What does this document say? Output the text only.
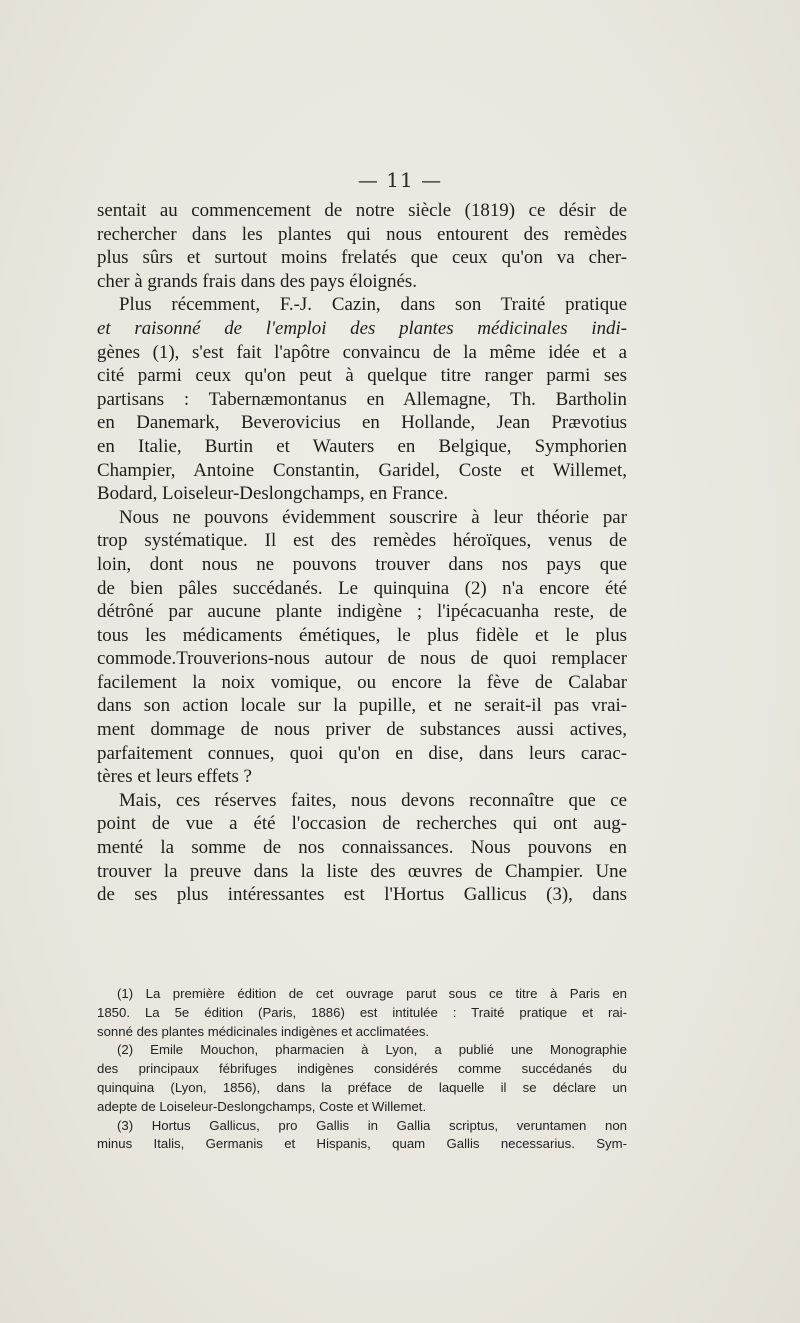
— 11 —
sentait au commencement de notre siècle (1819) ce désir de
rechercher dans les plantes qui nous entourent des remèdes
plus sûrs et surtout moins frelatés que ceux qu'on va cher-
cher à grands frais dans des pays éloignés.
Plus récemment, F.-J. Cazin, dans son Traité pratique
et raisonné de l'emploi des plantes médicinales indi-
gènes (1), s'est fait l'apôtre convaincu de la même idée et a
cité parmi ceux qu'on peut à quelque titre ranger parmi ses
partisans : Tabernæmontanus en Allemagne, Th. Bartholin
en Danemark, Beverovicius en Hollande, Jean Prævotius
en Italie, Burtin et Wauters en Belgique, Symphorien
Champier, Antoine Constantin, Garidel, Coste et Willemet,
Bodard, Loiseleur-Deslongchamps, en France.
Nous ne pouvons évidemment souscrire à leur théorie par
trop systématique. Il est des remèdes héroïques, venus de
loin, dont nous ne pouvons trouver dans nos pays que
de bien pâles succédanés. Le quinquina (2) n'a encore été
détrôné par aucune plante indigène ; l'ipécacuanha reste, de
tous les médicaments émétiques, le plus fidèle et le plus
commode.Trouverions-nous autour de nous de quoi remplacer
facilement la noix vomique, ou encore la fève de Calabar
dans son action locale sur la pupille, et ne serait-il pas vrai-
ment dommage de nous priver de substances aussi actives,
parfaitement connues, quoi qu'on en dise, dans leurs carac-
tères et leurs effets ?
Mais, ces réserves faites, nous devons reconnaître que ce
point de vue a été l'occasion de recherches qui ont aug-
menté la somme de nos connaissances. Nous pouvons en
trouver la preuve dans la liste des œuvres de Champier. Une
de ses plus intéressantes est l'Hortus Gallicus (3), dans
(1) La première édition de cet ouvrage parut sous ce titre à Paris en
1850. La 5e édition (Paris, 1886) est intitulée : Traité pratique et rai-
sonné des plantes médicinales indigènes et acclimatées.
(2) Emile Mouchon, pharmacien à Lyon, a publié une Monographie
des principaux fébrifuges indigènes considérés comme succédanés du
quinquina (Lyon, 1856), dans la préface de laquelle il se déclare un
adepte de Loiseleur-Deslongchamps, Coste et Willemet.
(3) Hortus Gallicus, pro Gallis in Gallia scriptus, veruntamen non
minus Italis, Germanis et Hispanis, quam Gallis necessarius. Sym-
